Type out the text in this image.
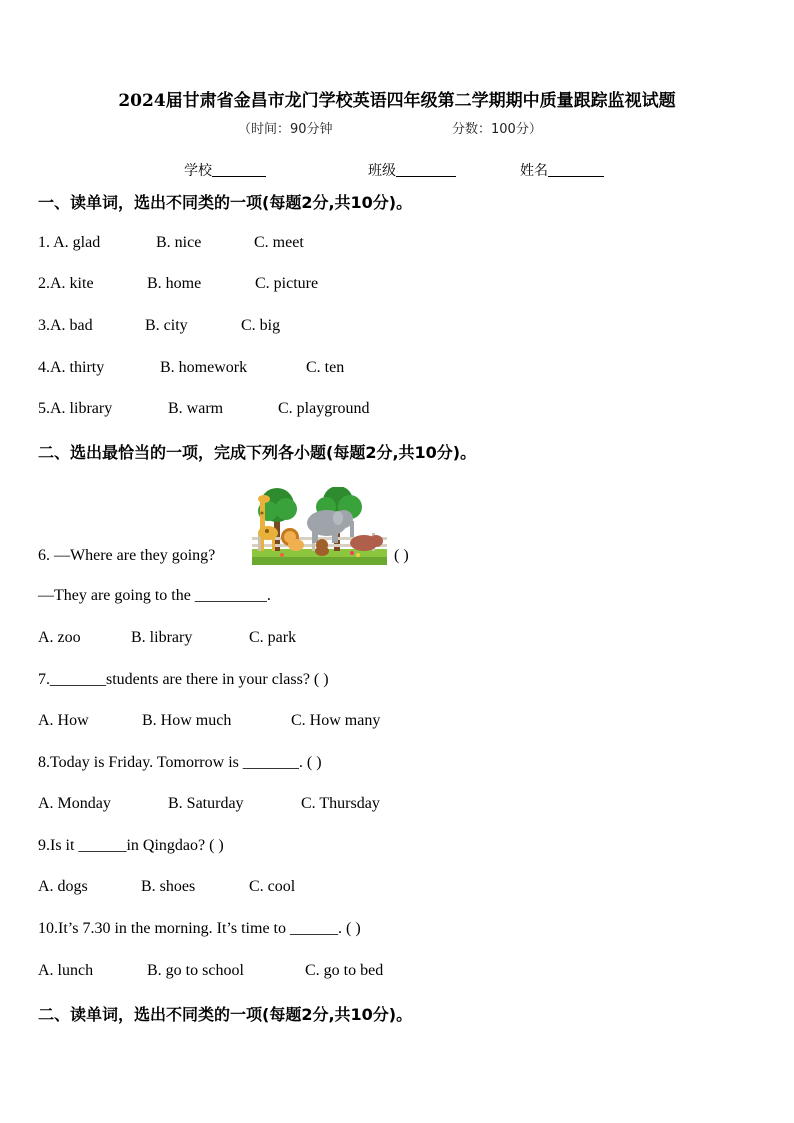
2024届甘肃省金昌市龙门学校英语四年级第二学期期中质量跟踪监视试题
（时间：90分钟	分数：100分）
学校	班级	姓名
一、读单词，选出不同类的一项(每题2分,共10分)。
1. A. glad	B. nice	C. meet
2.A. kite	B. home	C. picture
3.A. bad	B. city	C. big
4.A. thirty	B. homework	C. ten
5.A. library	B. warm	C. playground
二、选出最恰当的一项，完成下列各小题(每题2分,共10分)。
6. —Where are they going?	( )
—They are going to the _________.
A. zoo	B. library	C. park
7._______students are there in your class? ( )
A. How	B. How much	C. How many
8.Today is Friday. Tomorrow is _______. ( )
A. Monday	B. Saturday	C. Thursday
9.Is it ______in Qingdao? ( )
A. dogs	B. shoes	C. cool
10.It’s 7.30 in the morning. It’s time to ______. ( )
A. lunch	B. go to school	C. go to bed
二、读单词，选出不同类的一项(每题2分,共10分)。
